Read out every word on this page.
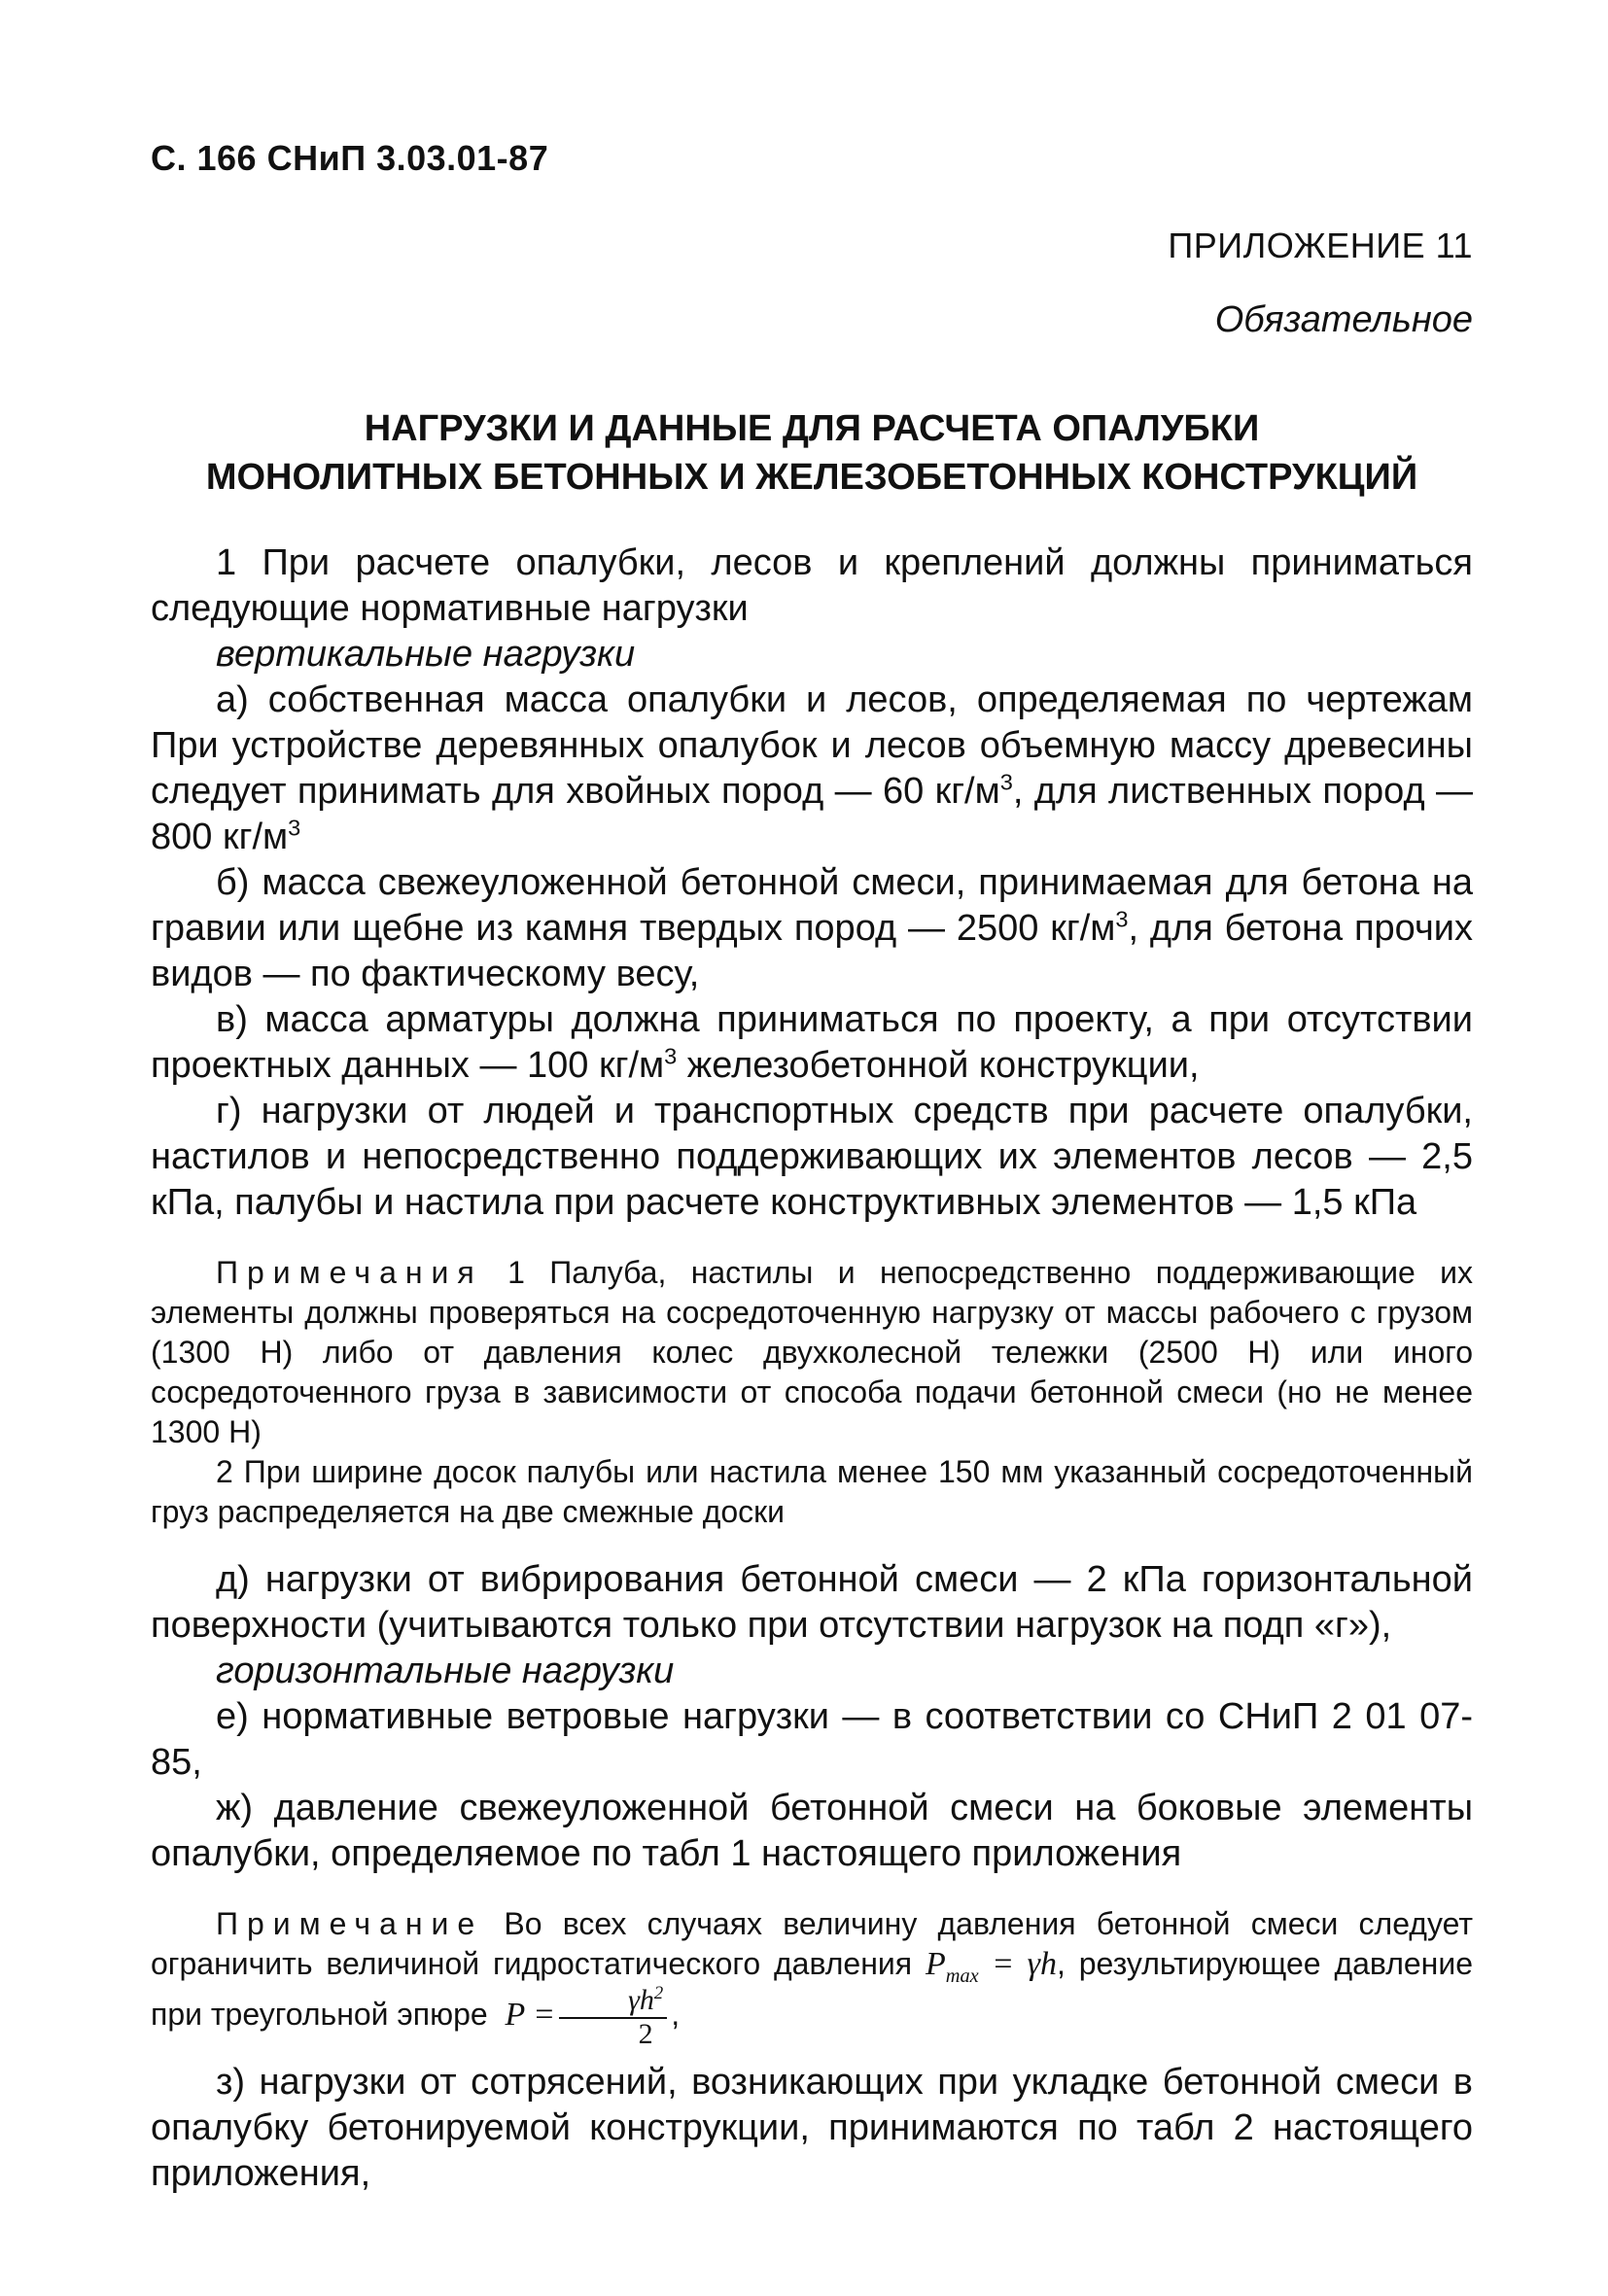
С. 166 СНиП 3.03.01-87
ПРИЛОЖЕНИЕ 11
Обязательное
НАГРУЗКИ И ДАННЫЕ ДЛЯ РАСЧЕТА ОПАЛУБКИ
МОНОЛИТНЫХ БЕТОННЫХ И ЖЕЛЕЗОБЕТОННЫХ КОНСТРУКЦИЙ

1 При расчете опалубки, лесов и креплений должны приниматься следующие нормативные нагрузки

вертикальные нагрузки

а) собственная масса опалубки и лесов, определяемая по чертежам При устройстве деревянных опалубок и лесов объемную массу древесины следует принимать для хвойных пород — 60 $кг/м^3$, для лиственных пород — 800 $кг/м^3$

б) масса свежеуложенной бетонной смеси, принимаемая для бетона на гравии или щебне из камня твердых пород — 2500 $кг/м^3$, для бетона прочих видов — по фактическому весу,

в) масса арматуры должна приниматься по проекту, а при отсутствии проектных данных — 100 $кг/м^3$ железобетонной конструкции,

г) нагрузки от людей и транспортных средств при расчете опалубки, настилов и непосредственно поддерживающих их элементов лесов — 2,5 кПа, палубы и настила при расчете конструктивных элементов — 1,5 кПа

Примечания 1 Палуба, настилы и непосредственно поддерживающие их элементы должны проверяться на сосредоточенную нагрузку от массы рабочего с грузом (1300 Н) либо от давления колес двухколесной тележки (2500 Н) или иного сосредоточенного груза в зависимости от способа подачи бетонной смеси (но не менее 1300 Н)

2 При ширине досок палубы или настила менее 150 мм указанный сосредоточенный груз распределяется на две смежные доски

д) нагрузки от вибрирования бетонной смеси — 2 кПа горизонтальной поверхности (учитываются только при отсутствии нагрузок на подп «г»),

горизонтальные нагрузки

е) нормативные ветровые нагрузки — в соответствии со СНиП 2 01 07-85,

ж) давление свежеуложенной бетонной смеси на боковые элементы опалубки, определяемое по табл 1 настоящего приложения

Примечание Во всех случаях величину давления бетонной смеси следует ограничить величиной гидростатического давления $P_{max} = \gamma h$, результирующее давление при треугольной эпюре $P = \frac{\gamma h^2}{2}$ ,

з) нагрузки от сотрясений, возникающих при укладке бетонной смеси в опалубку бетонируемой конструкции, принимаются по табл 2 настоящего приложения,
